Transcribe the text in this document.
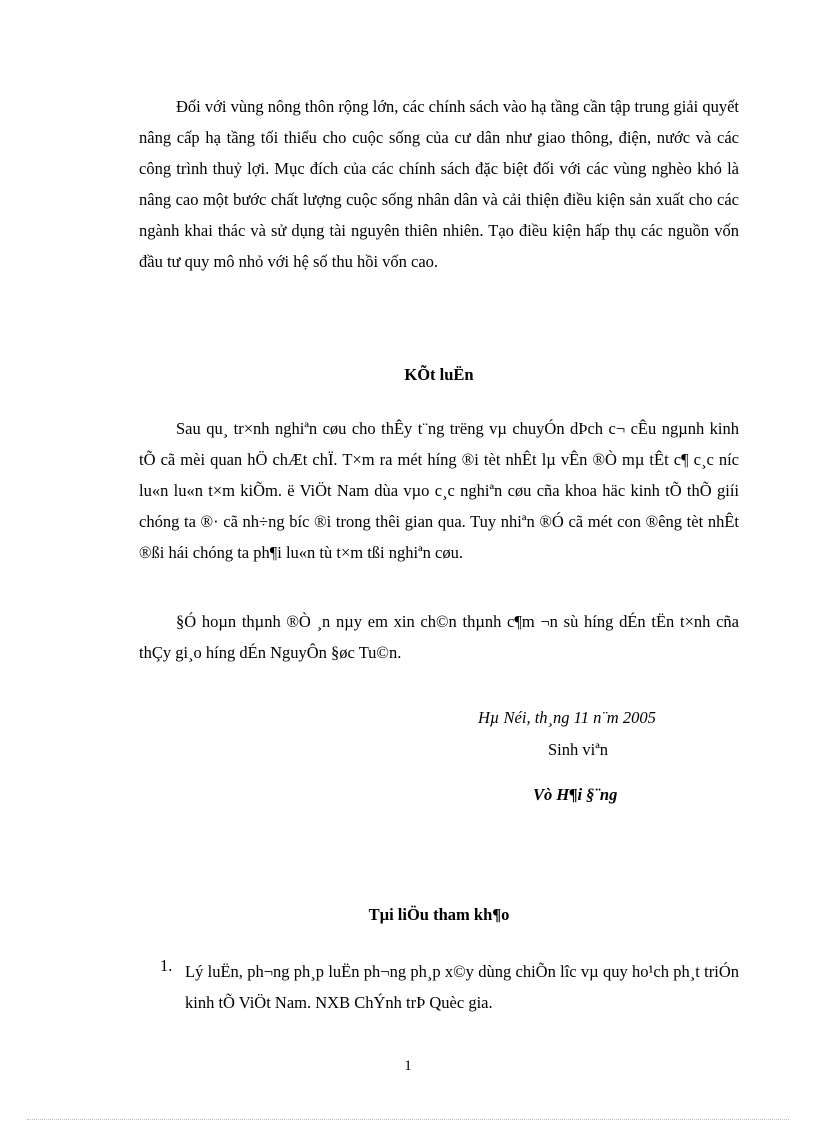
Đối với vùng nông thôn rộng lớn, các chính sách vào hạ tầng cần tập trung giải quyết nâng cấp hạ tầng tối thiểu cho cuộc sống của cư dân như giao thông, điện, nước và các công trình thuỷ lợi. Mục đích của các chính sách đặc biệt đối với các vùng nghèo khó là nâng cao một bước chất lượng cuộc sống nhân dân và cải thiện điều kiện sản xuất cho các ngành khai thác và sử dụng tài nguyên thiên nhiên. Tạo điều kiện hấp thụ các nguồn vốn đầu tư quy mô nhỏ với hệ số thu hồi vốn cao.
KÕt luËn
Sau qu¸ tr×nh nghiªn cøu cho thÊy t¨ng trëng vµ chuyÓn dÞch c¬ cÊu ngµnh kinh tÕ cã mèi quan hÖ chÆt chÏ. T×m ra mét híng ®i tèt nhÊt lµ vÊn ®Ò mµ tÊt c¶ c¸c níc lu«n lu«n t×m kiÕm. ë ViÖt Nam dùa vµo c¸c nghiªn cøu cña khoa häc kinh tÕ thÕ giíi chóng ta ®· cã nh÷ng bíc ®i trong thêi gian qua. Tuy nhiªn ®Ó cã mét con ®êng tèt nhÊt ®ßi hái chóng ta ph¶i lu«n tù t×m tßi nghiªn cøu.
§Ó hoµn thµnh ®Ò ¸n nµy em xin ch©n thµnh c¶m ¬n sù híng dÉn tËn t×nh cña thÇy gi¸o híng dÉn NguyÔn §øc Tu©n.
Hµ Néi, th¸ng 11 n¨m 2005
Sinh viªn
Vò H¶i §¨ng
Tµi liÖu tham kh¶o
1. Lý luËn, ph¬ng ph¸p luËn ph¬ng ph¸p x©y dùng chiÕn lîc vµ quy ho¹ch ph¸t triÓn kinh tÕ ViÖt Nam. NXB ChÝnh trÞ Quèc gia.
1
